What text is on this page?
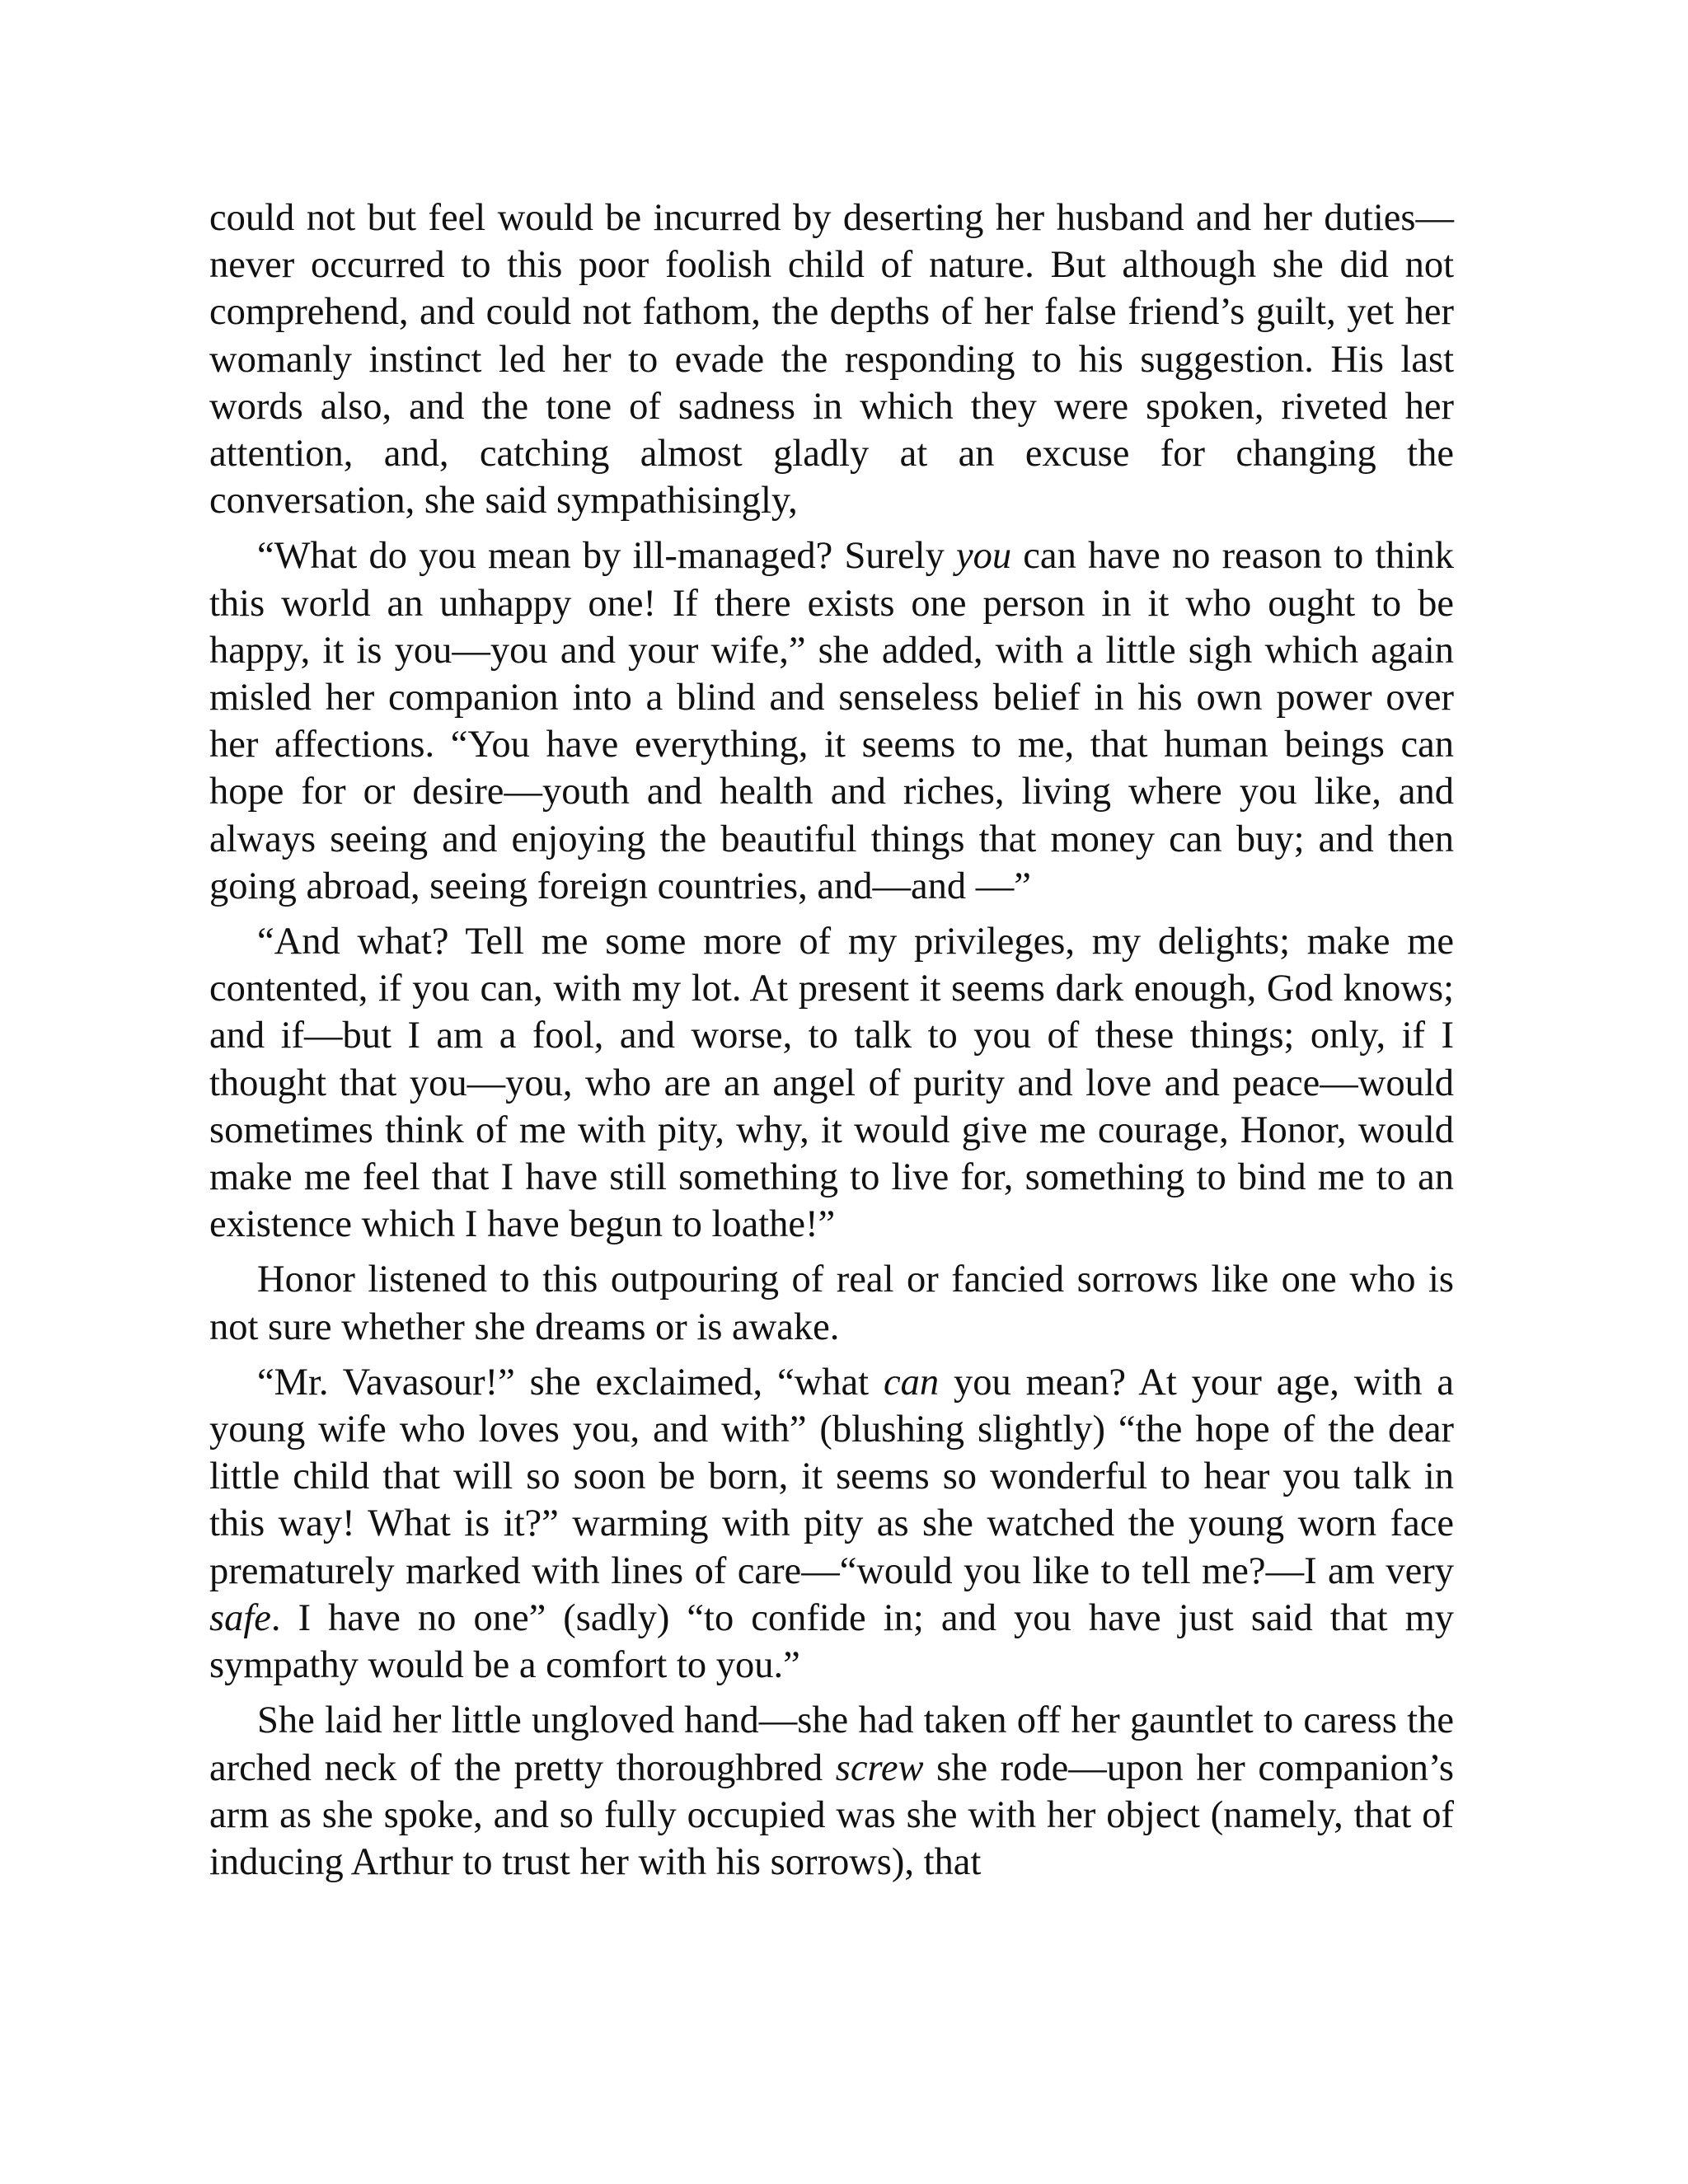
could not but feel would be incurred by deserting her husband and her duties—never occurred to this poor foolish child of nature. But although she did not comprehend, and could not fathom, the depths of her false friend’s guilt, yet her womanly instinct led her to evade the responding to his suggestion. His last words also, and the tone of sadness in which they were spoken, riveted her attention, and, catching almost gladly at an excuse for changing the conversation, she said sympathisingly,

“What do you mean by ill-managed? Surely you can have no reason to think this world an unhappy one! If there exists one person in it who ought to be happy, it is you—you and your wife,” she added, with a little sigh which again misled her companion into a blind and senseless belief in his own power over her affections. “You have everything, it seems to me, that human beings can hope for or desire—youth and health and riches, living where you like, and always seeing and enjoying the beautiful things that money can buy; and then going abroad, seeing foreign countries, and—and —”

“And what? Tell me some more of my privileges, my delights; make me contented, if you can, with my lot. At present it seems dark enough, God knows; and if—but I am a fool, and worse, to talk to you of these things; only, if I thought that you—you, who are an angel of purity and love and peace—would sometimes think of me with pity, why, it would give me courage, Honor, would make me feel that I have still something to live for, something to bind me to an existence which I have begun to loathe!”

Honor listened to this outpouring of real or fancied sorrows like one who is not sure whether she dreams or is awake.

“Mr. Vavasour!” she exclaimed, “what can you mean? At your age, with a young wife who loves you, and with” (blushing slightly) “the hope of the dear little child that will so soon be born, it seems so wonderful to hear you talk in this way! What is it?” warming with pity as she watched the young worn face prematurely marked with lines of care—“would you like to tell me?—I am very safe. I have no one” (sadly) “to confide in; and you have just said that my sympathy would be a comfort to you.”

She laid her little ungloved hand—she had taken off her gauntlet to caress the arched neck of the pretty thoroughbred screw she rode—upon her companion’s arm as she spoke, and so fully occupied was she with her object (namely, that of inducing Arthur to trust her with his sorrows), that
